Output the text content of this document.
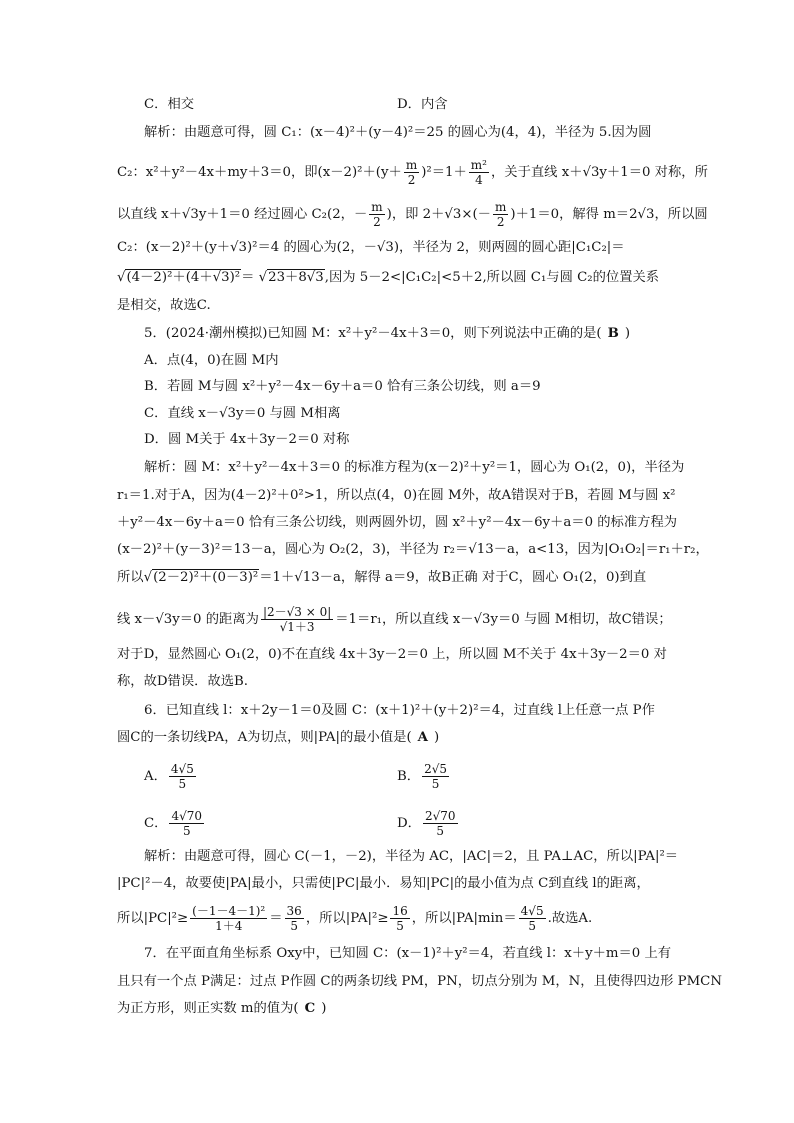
C．相交	D．内含
解析：由题意可得，圆 C₁：(x－4)²＋(y－4)²＝25 的圆心为(4，4)，半径为 5.因为圆
C₂：x²＋y²－4x＋my＋3＝0，即$(x-2)^2+(y+ \frac{m}{2} )^2=1+ \frac{\text{m²}}{4}$ ，关于直线 x＋√3y＋1＝0 对称，所
以直线 x＋√3y＋1＝0 经过圆心 C₂(2，－ $\frac{m}{2}$ )，即 $2+√3\times(- \frac{m}{2} )+1=0$，解得 m＝2√3，所以圆
C₂：(x－2)²＋(y＋√3)²＝4 的圆心为(2，－√3)，半径为 2，则两圆的圆心距|C₁C₂|＝
√(4－2)²＋(4＋√3)²＝ √23＋8√3,因为 5－2<|C₁C₂|<5＋2,所以圆 C₁与圆 C₂的位置关系
是相交，故选C.
5．(2024·潮州模拟)已知圆 M：x²＋y²－4x＋3＝0，则下列说法中正确的是( B )
A．点(4，0)在圆 M内
B．若圆 M与圆 x²＋y²－4x－6y＋a＝0 恰有三条公切线，则 a＝9
C．直线 x－√3y＝0 与圆 M相离
D．圆 M关于 4x＋3y－2＝0 对称
解析：圆 M：x²＋y²－4x＋3＝0 的标准方程为(x－2)²＋y²＝1，圆心为 O₁(2，0)，半径为
r₁＝1.对于A，因为(4－2)²＋0²>1，所以点(4，0)在圆 M外，故A错误对于B，若圆 M与圆 x²
＋y²－4x－6y＋a＝0 恰有三条公切线，则两圆外切，圆 x²＋y²－4x－6y＋a＝0 的标准方程为
(x－2)²＋(y－3)²＝13－a，圆心为 O₂(2，3)，半径为 r₂＝√13－a，a<13，因为|O₁O₂|＝r₁＋r₂，
所以√(2－2)²＋(0－3)²＝1＋√13－a，解得 a＝9，故B正确 对于C，圆心 O₁(2，0)到直
线 x－√3y＝0 的距离为 $\frac{|2-√3 \times 0|}{√1+3} =1=r_1$，所以直线 x－√3y＝0 与圆 M相切，故C错误；
对于D，显然圆心 O₁(2，0)不在直线 4x＋3y－2＝0 上，所以圆 M不关于 4x＋3y－2＝0 对
称，故D错误．故选B.
6．已知直线 l：x＋2y－1＝0及圆 C：(x＋1)²＋(y＋2)²＝4，过直线 l上任意一点 P作
圆C的一条切线PA，A为切点，则|PA|的最小值是( A )
A． $\frac{4√5}{5}$	B． $\frac{2√5}{5}$
C． $\frac{4√70}{5}$	D． $\frac{2√70}{5}$
解析：由题意可得，圆心 C(－1，－2)，半径为 AC，|AC|＝2，且 PA⊥AC，所以|PA|²＝
|PC|²－4，故要使|PA|最小，只需使|PC|最小．易知|PC|的最小值为点 C到直线 l的距离，
所以$|PC|^2\ge \frac{\text{(－1－4－1)²}}{1+4} = \frac{36}{5}$ ，所以$|PA|^2\ge \frac{16}{5}$ ，所以$|PA|\min= \frac{4√5}{5}$ .故选A.
7．在平面直角坐标系 Oxy中，已知圆 C：(x－1)²＋y²＝4，若直线 l：x＋y＋m＝0 上有
且只有一个点 P满足：过点 P作圆 C的两条切线 PM，PN，切点分别为 M，N，且使得四边形 PMCN
为正方形，则正实数 m的值为( C )
